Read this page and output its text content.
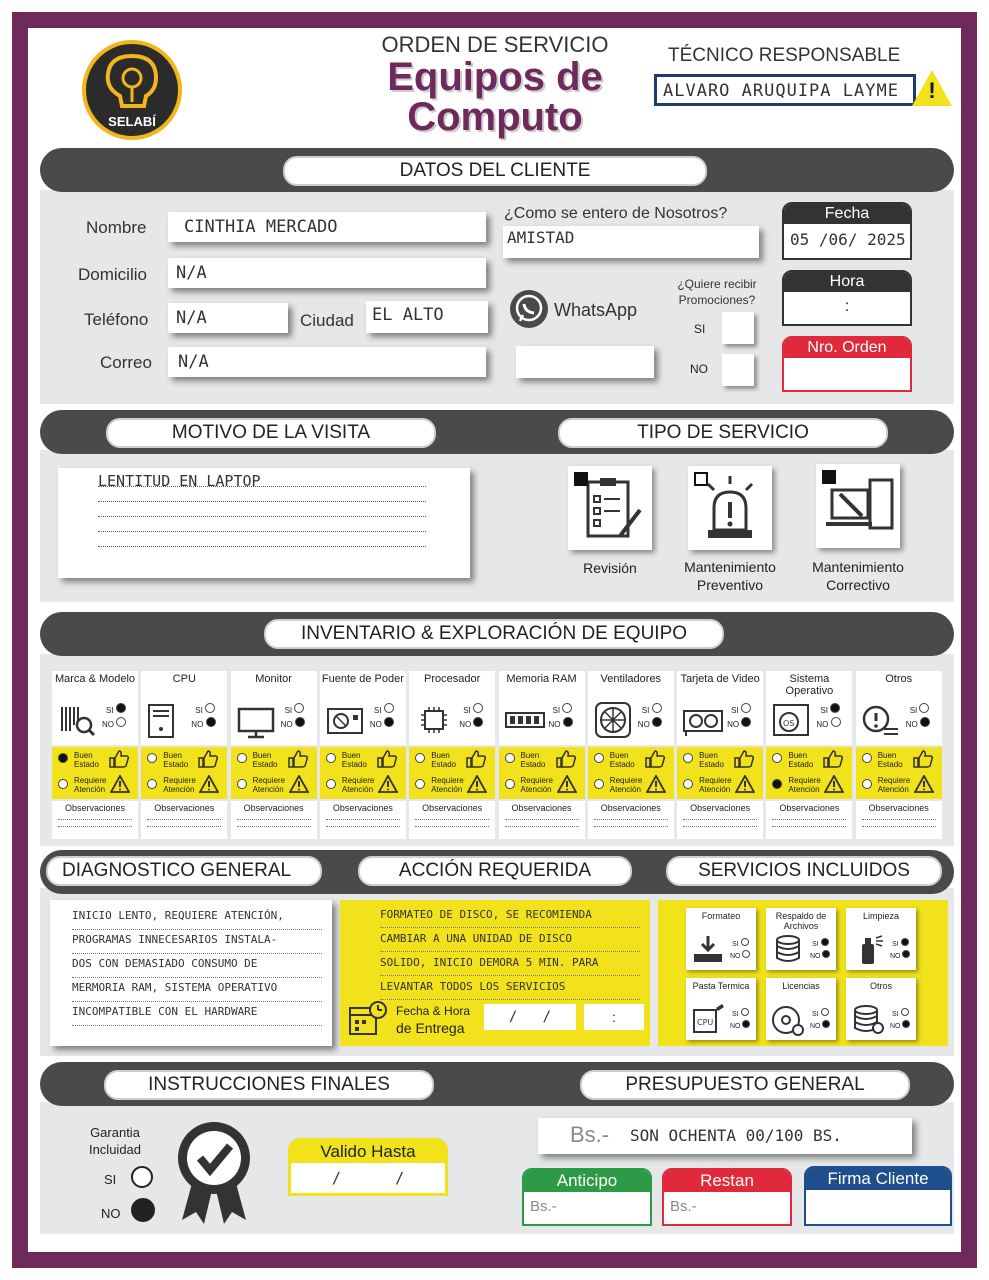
SELABÍ
ORDEN DE SERVICIO
Equipos de
Computo
TÉCNICO RESPONSABLE
ALVARO ARUQUIPA LAYME	!
DATOS DEL CLIENTE
Nombre	CINTHIA MERCADO
Domicilio	N/A
Teléfono	N/A	Ciudad	EL ALTO
Correo	N/A
¿Como se entero de Nosotros?
AMISTAD
WhatsApp
¿Quiere recibir Promociones?
SI
NO
Fecha
05 /06/ 2025
Hora
:
Nro. Orden
MOTIVO DE LA VISITA	TIPO DE SERVICIO
LENTITUD EN LAPTOP
Revisión	Mantenimiento
Preventivo
Mantenimiento
Correctivo
INVENTARIO & EXPLORACIÓN DE EQUIPO
Marca & Modelo
SI
NO
Buen Estado
Requiere Atención
Observaciones
CPU
SI
NO
Buen Estado
Requiere Atención
Observaciones
Monitor
SI
NO
Buen Estado
Requiere Atención
Observaciones
Fuente de Poder
SI
NO
Buen Estado
Requiere Atención
Observaciones
Procesador
SI
NO
Buen Estado
Requiere Atención
Observaciones
Memoria RAM
SI
NO
Buen Estado
Requiere Atención
Observaciones
Ventiladores
SI
NO
Buen Estado
Requiere Atención
Observaciones
Tarjeta de Video
SI
NO
Buen Estado
Requiere Atención
Observaciones
Sistema Operativo
OS
SI
NO
Buen Estado
Requiere Atención
Observaciones
Otros
SI
NO
Buen Estado
Requiere Atención
Observaciones
DIAGNOSTICO GENERAL	ACCIÓN REQUERIDA	SERVICIOS INCLUIDOS
INICIO LENTO, REQUIERE ATENCIÓN,
PROGRAMAS INNECESARIOS INSTALA-
DOS CON DEMASIADO CONSUMO DE
MERMORIA RAM, SISTEMA OPERATIVO
INCOMPATIBLE CON EL HARDWARE
FORMATEO DE DISCO, SE RECOMIENDA
CAMBIAR A UNA UNIDAD DE DISCO
SOLIDO, INICIO DEMORA 5 MIN. PARA
LEVANTAR TODOS LOS SERVICIOS
Fecha & Hora
de Entrega
/   /	:
Formateo
SI
NO
Respaldo de Archivos
SI
NO
Limpieza
SI
NO
Pasta Termica
CPU
SI
NO
Licencias
SI
NO
Otros
SI
NO
INSTRUCCIONES FINALES	PRESUPUESTO GENERAL
Garantia
Incluidad
SI
NO
Valido Hasta
/      /
Bs.- SON OCHENTA 00/100 BS.
Anticipo
Bs.-
Restan
Bs.-
Firma Cliente
